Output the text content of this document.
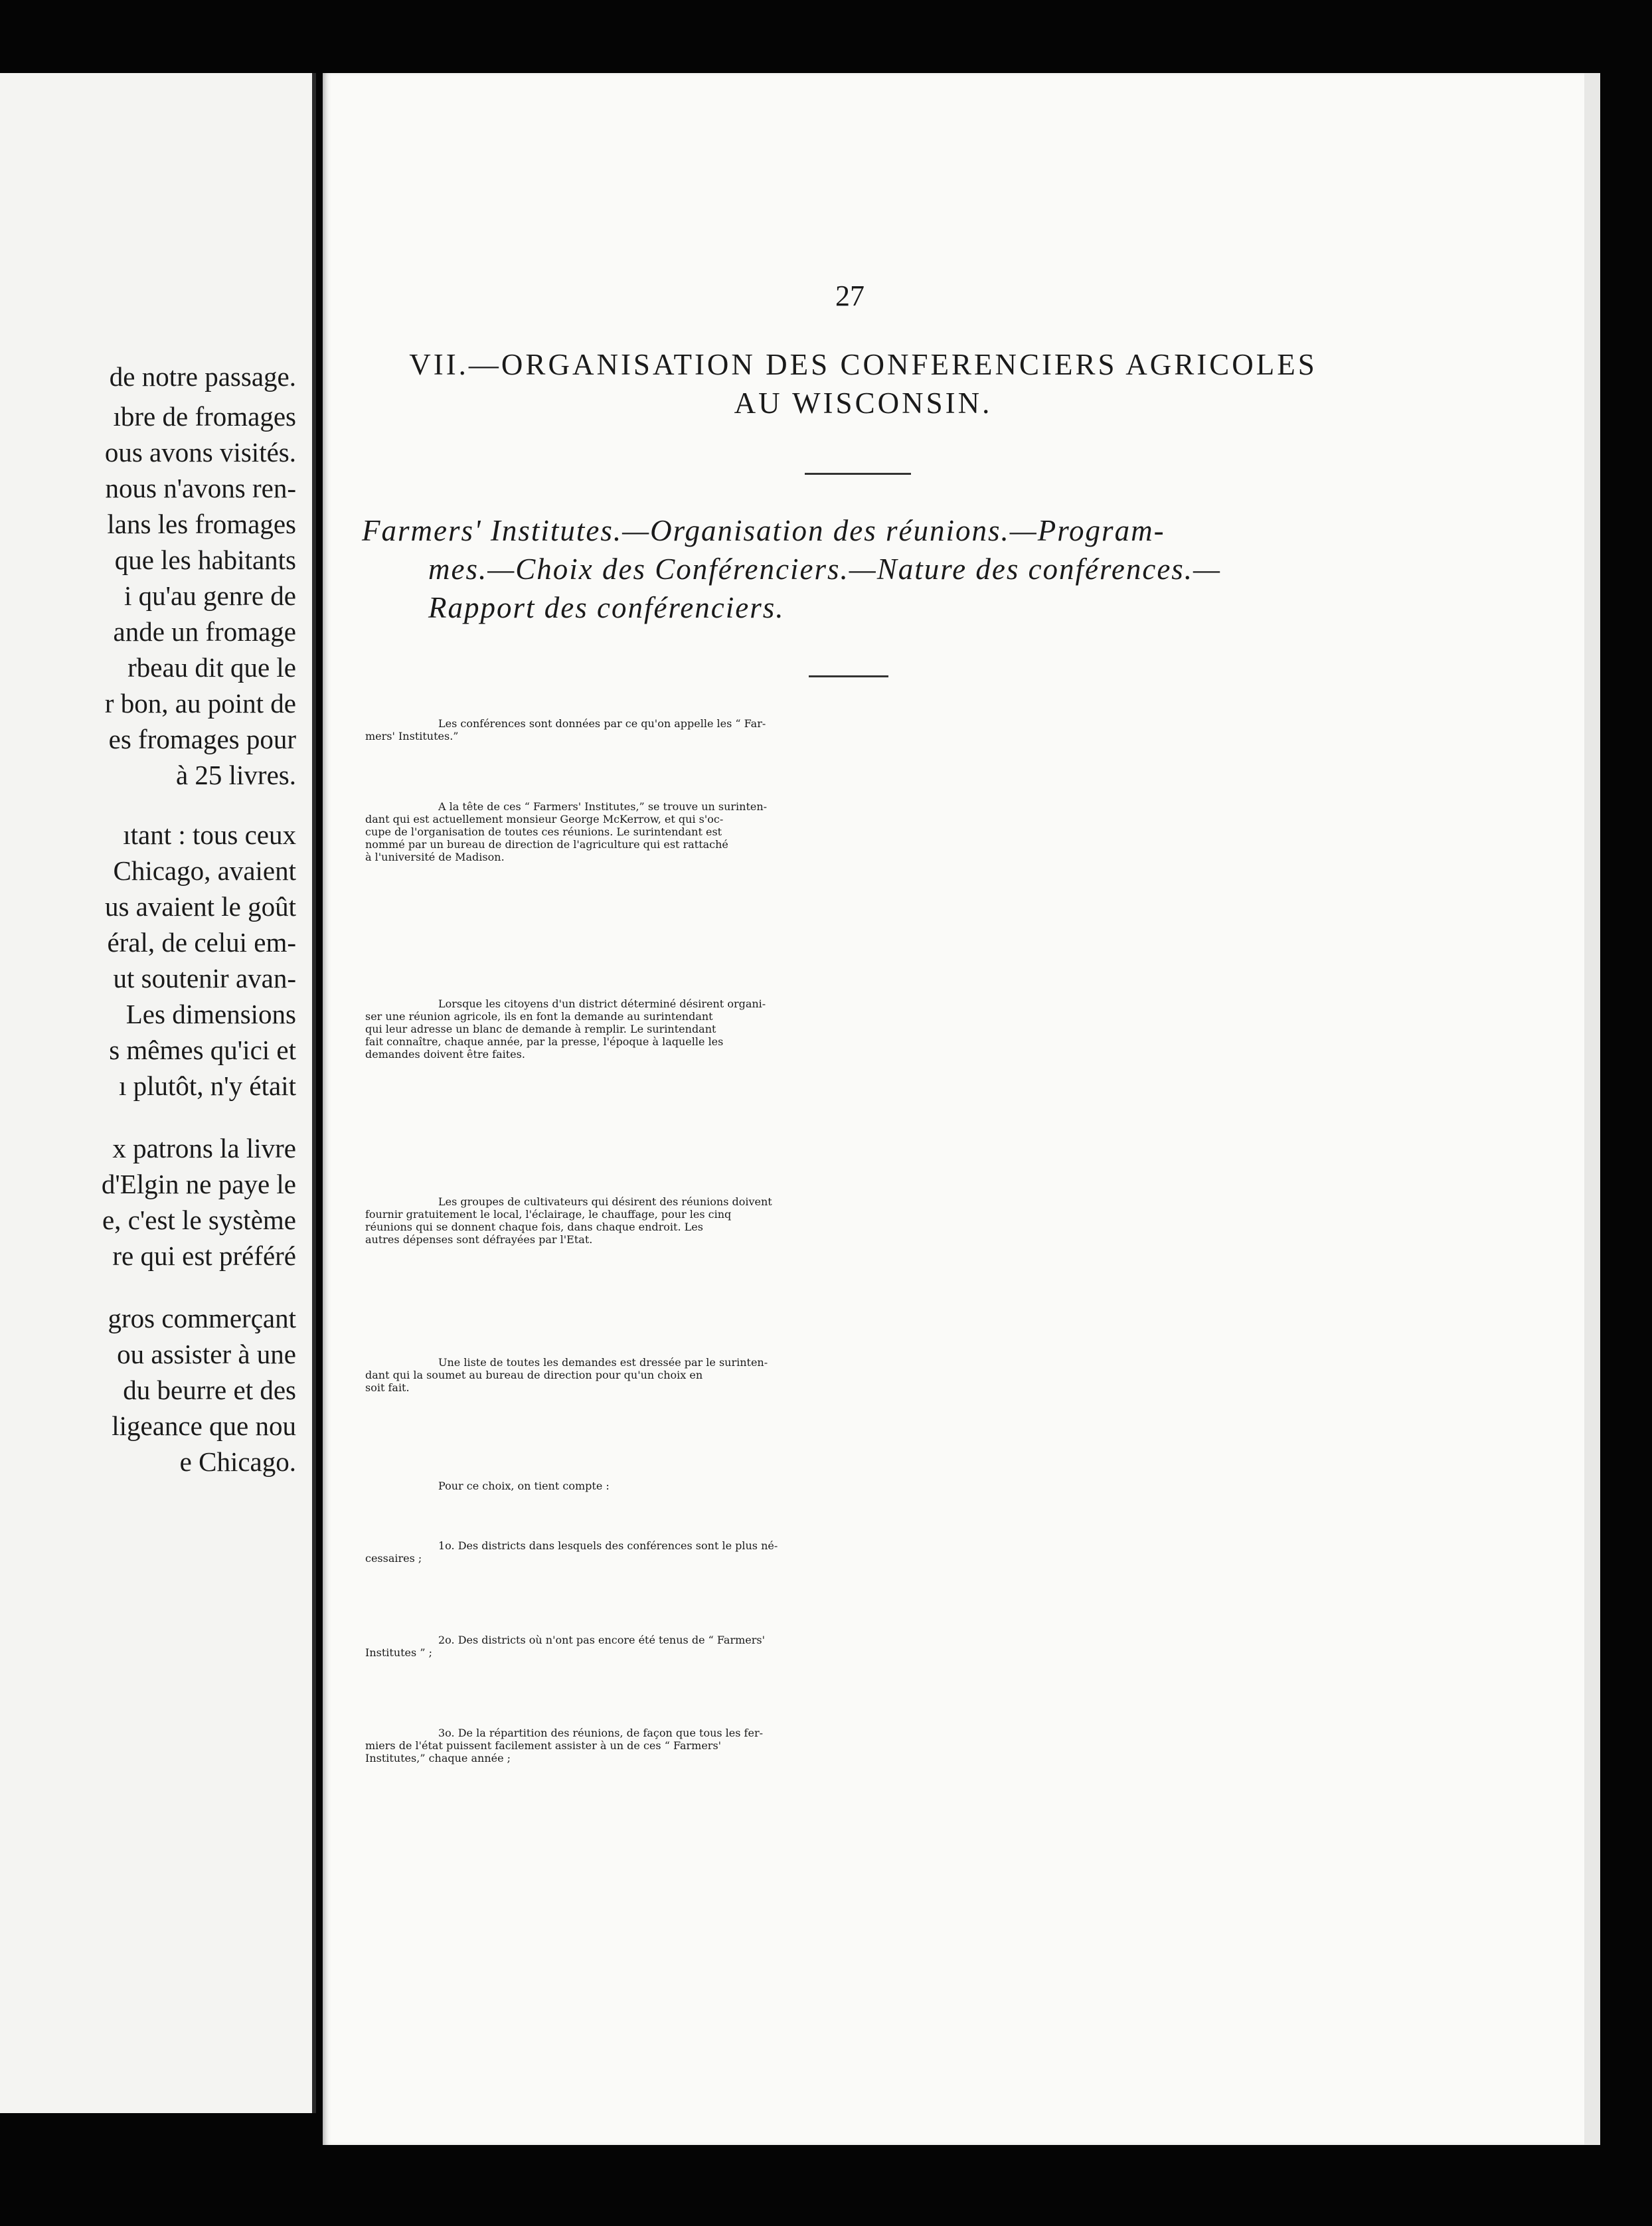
de notre passage.
ıbre de fromages
ous avons visités.
nous n'avons ren-
lans les fromages
que les habitants
i qu'au genre de
ande un fromage
rbeau dit que le
r bon, au point de
es fromages pour
à 25 livres.
ıtant : tous ceux
Chicago, avaient
us avaient le goût
éral, de celui em-
ut soutenir avan-
Les dimensions
s mêmes qu'ici et
ı plutôt, n'y était
x patrons la livre
d'Elgin ne paye le
e, c'est le système
re qui est préféré
gros commerçant
ou assister à une
du beurre et des
ligeance que nou
e Chicago.
27
VII.—ORGANISATION DES CONFERENCIERS AGRICOLES
AU WISCONSIN.
Farmers' Institutes.—Organisation des réunions.—Program-
mes.—Choix des Conférenciers.—Nature des conférences.—
Rapport des conférenciers.
Les conférences sont données par ce qu'on appelle les “ Far-
mers' Institutes.”
A la tête de ces “ Farmers' Institutes,” se trouve un surinten-
dant qui est actuellement monsieur George McKerrow, et qui s'oc-
cupe de l'organisation de toutes ces réunions. Le surintendant est
nommé par un bureau de direction de l'agriculture qui est rattaché
à l'université de Madison.
Lorsque les citoyens d'un district déterminé désirent organi-
ser une réunion agricole, ils en font la demande au surintendant
qui leur adresse un blanc de demande à remplir. Le surintendant
fait connaître, chaque année, par la presse, l'époque à laquelle les
demandes doivent être faites.
Les groupes de cultivateurs qui désirent des réunions doivent
fournir gratuitement le local, l'éclairage, le chauffage, pour les cinq
réunions qui se donnent chaque fois, dans chaque endroit. Les
autres dépenses sont défrayées par l'Etat.
Une liste de toutes les demandes est dressée par le surinten-
dant qui la soumet au bureau de direction pour qu'un choix en
soit fait.
Pour ce choix, on tient compte :
1o. Des districts dans lesquels des conférences sont le plus né-
cessaires ;
2o. Des districts où n'ont pas encore été tenus de “ Farmers'
Institutes ” ;
3o. De la répartition des réunions, de façon que tous les fer-
miers de l'état puissent facilement assister à un de ces “ Farmers'
Institutes,” chaque année ;
